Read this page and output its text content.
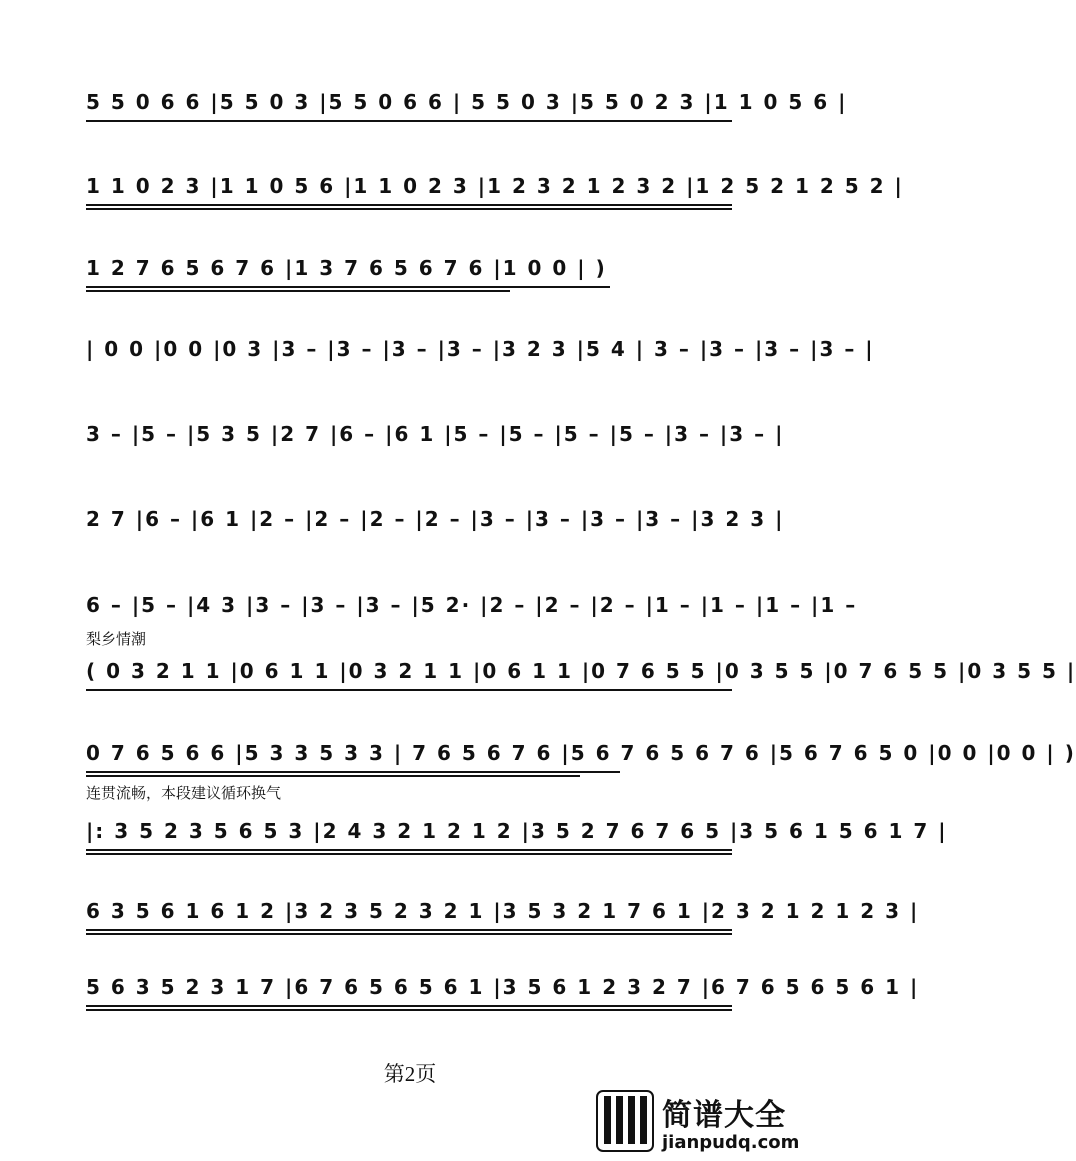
5 5 0 6 6 |5 5 0 3 |5 5 0 6 6 | 5 5 0 3 |5 5 0 2 3 |1 1 0 5 6 |
1 1 0 2 3 |1 1 0 5 6 |1 1 0 2 3 |1 2 3 2 1 2 3 2 |1 2 5 2 1 2 5 2 |
1 2 7 6 5 6 7 6 |1 3 7 6 5 6 7 6 |1 0 0 | )
| 0 0 |0 0 |0 3 |3 – |3 – |3 – |3 – |3 2 3 |5 4 | 3 – |3 – |3 – |3 – |
3 – |5 – |5 3 5 |2 7 |6 – |6 1 |5 – |5 – |5 – |5 – |3 – |3 – |
2 7 |6 – |6 1 |2 – |2 – |2 – |2 – |3 – |3 – |3 – |3 – |3 2 3 |
6 – |5 – |4 3 |3 – |3 – |3 – |5 2· |2 – |2 – |2 – |1 – |1 – |1 – |1 –
梨乡情潮
( 0 3 2 1 1 |0 6 1 1 |0 3 2 1 1 |0 6 1 1 |0 7 6 5 5 |0 3 5 5 |0 7 6 5 5 |0 3 5 5 |
0 7 6 5 6 6 |5 3 3 5 3 3 | 7 6 5 6 7 6 |5 6 7 6 5 6 7 6 |5 6 7 6 5 0 |0 0 |0 0 | )
连贯流畅，本段建议循环换气
|: 3 5 2 3 5 6 5 3 |2 4 3 2 1 2 1 2 |3 5 2 7 6 7 6 5 |3 5 6 1 5 6 1 7 |
6 3 5 6 1 6 1 2 |3 2 3 5 2 3 2 1 |3 5 3 2 1 7 6 1 |2 3 2 1 2 1 2 3 |
5 6 3 5 2 3 1 7 |6 7 6 5 6 5 6 1 |3 5 6 1 2 3 2 7 |6 7 6 5 6 5 6 1 |
第2页
简谱大全
jianpudq.com
